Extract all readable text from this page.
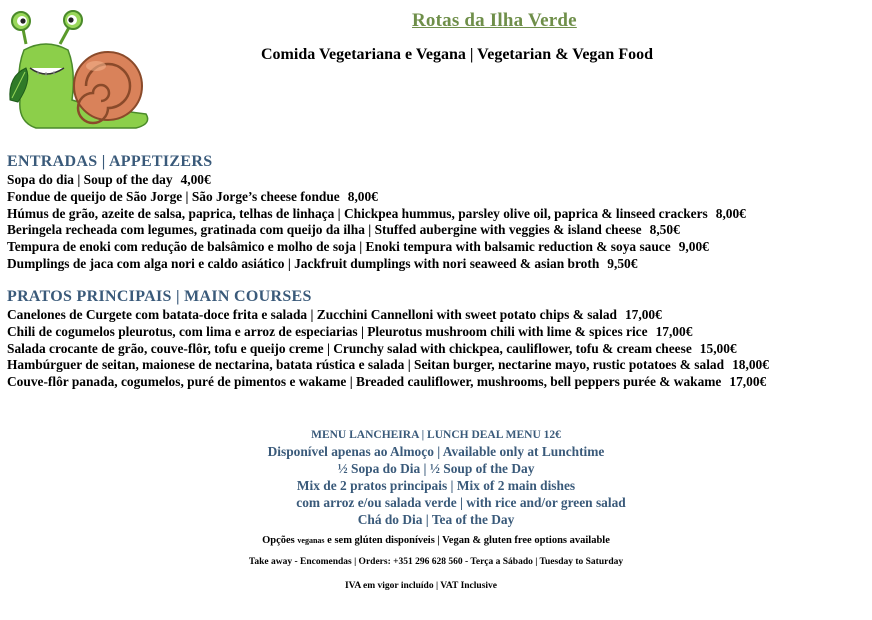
Rotas da Ilha Verde
Comida Vegetariana e Vegana | Vegetarian & Vegan Food
ENTRADAS | APPETIZERS
Sopa do dia | Soup of the day 4,00€
Fondue de queijo de São Jorge | São Jorge’s cheese fondue 8,00€
Húmus de grão, azeite de salsa, paprica, telhas de linhaça | Chickpea hummus, parsley olive oil, paprica & linseed crackers 8,00€
Beringela recheada com legumes, gratinada com queijo da ilha | Stuffed aubergine with veggies & island cheese 8,50€
Tempura de enoki com redução de balsâmico e molho de soja | Enoki tempura with balsamic reduction & soya sauce 9,00€
Dumplings de jaca com alga nori e caldo asiático | Jackfruit dumplings with nori seaweed & asian broth 9,50€
PRATOS PRINCIPAIS | MAIN COURSES
Canelones de Curgete com batata-doce frita e salada | Zucchini Cannelloni with sweet potato chips & salad 17,00€
Chili de cogumelos pleurotus, com lima e arroz de especiarias | Pleurotus mushroom chili with lime & spices rice 17,00€
Salada crocante de grão, couve-flôr, tofu e queijo creme | Crunchy salad with chickpea, cauliflower, tofu & cream cheese 15,00€
Hambúrguer de seitan, maionese de nectarina, batata rústica e salada | Seitan burger, nectarine mayo, rustic potatoes & salad 18,00€
Couve-flôr panada, cogumelos, puré de pimentos e wakame | Breaded cauliflower, mushrooms, bell peppers purée & wakame 17,00€
MENU LANCHEIRA | LUNCH DEAL MENU 12€
Disponível apenas ao Almoço | Available only at Lunchtime
½ Sopa do Dia | ½ Soup of the Day
Mix de 2 pratos principais | Mix of 2 main dishes
com arroz e/ou salada verde | with rice and/or green salad
Chá do Dia | Tea of the Day
Opções veganas e sem glúten disponíveis | Vegan & gluten free options available
Take away - Encomendas | Orders: +351 296 628 560 - Terça a Sábado | Tuesday to Saturday
IVA em vigor incluído | VAT Inclusive
